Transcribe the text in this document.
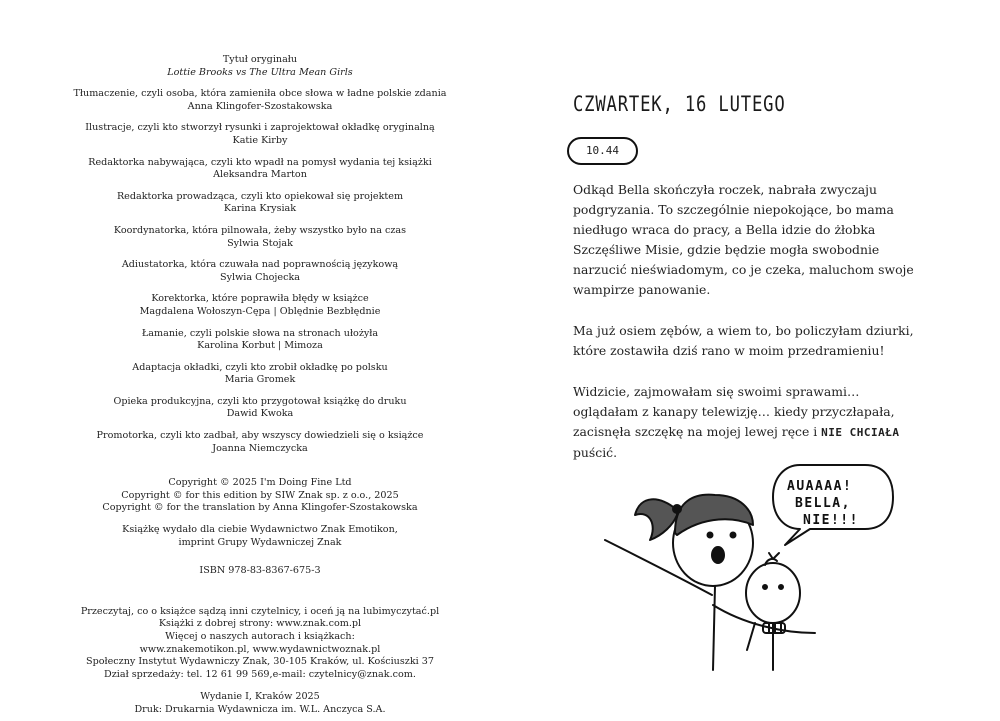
Tytuł oryginału
Lottie Brooks vs The Ultra Mean Girls
Tłumaczenie, czyli osoba, która zamieniła obce słowa w ładne polskie zdania
Anna Klingofer-Szostakowska
Ilustracje, czyli kto stworzył rysunki i zaprojektował okładkę oryginalną
Katie Kirby
Redaktorka nabywająca, czyli kto wpadł na pomysł wydania tej książki
Aleksandra Marton
Redaktorka prowadząca, czyli kto opiekował się projektem
Karina Krysiak
Koordynatorka, która pilnowała, żeby wszystko było na czas
Sylwia Stojak
Adiustatorka, która czuwała nad poprawnością językową
Sylwia Chojecka
Korektorka, które poprawiła błędy w książce
Magdalena Wołoszyn-Cępa | Oblędnie Bezbłędnie
Łamanie, czyli polskie słowa na stronach ułożyła
Karolina Korbut | Mimoza
Adaptacja okładki, czyli kto zrobił okładkę po polsku
Maria Gromek
Opieka produkcyjna, czyli kto przygotował książkę do druku
Dawid Kwoka
Promotorka, czyli kto zadbał, aby wszyscy dowiedzieli się o książce
Joanna Niemczycka
Copyright © 2025 I'm Doing Fine Ltd
Copyright © for this edition by SIW Znak sp. z o.o., 2025
Copyright © for the translation by Anna Klingofer-Szostakowska
Książkę wydało dla ciebie Wydawnictwo Znak Emotikon,
imprint Grupy Wydawniczej Znak
ISBN 978-83-8367-675-3
Przeczytaj, co o książce sądzą inni czytelnicy, i oceń ją na lubimyczytać.pl
Książki z dobrej strony: www.znak.com.pl
Więcej o naszych autorach i książkach:
www.znakemotikon.pl, www.wydawnictwoznak.pl
Społeczny Instytut Wydawniczy Znak, 30-105 Kraków, ul. Kościuszki 37
Dział sprzedaży: tel. 12 61 99 569,e-mail: czytelnicy@znak.com.
Wydanie I, Kraków 2025
Druk: Drukarnia Wydawnicza im. W.L. Anczyca S.A.
CZWARTEK, 16 LUTEGO
10.44
Odkąd Bella skończyła roczek, nabrała zwyczaju podgryzania. To szczególnie niepokojące, bo mama niedługo wraca do pracy, a Bella idzie do żłobka Szczęśliwe Misie, gdzie będzie mogła swobodnie narzucić nieświadomym, co je czeka, maluchom swoje wampirze panowanie.
Ma już osiem zębów, a wiem to, bo policzyłam dziurki, które zostawiła dziś rano w moim przedramieniu!
Widzicie, zajmowałam się swoimi sprawami… oglądałam z kanapy telewizję… kiedy przyczłapała, zacisnęła szczękę na mojej lewej ręce i NIE CHCIAŁA puścić.
AUAAAA!
BELLA,
NIE!!!
